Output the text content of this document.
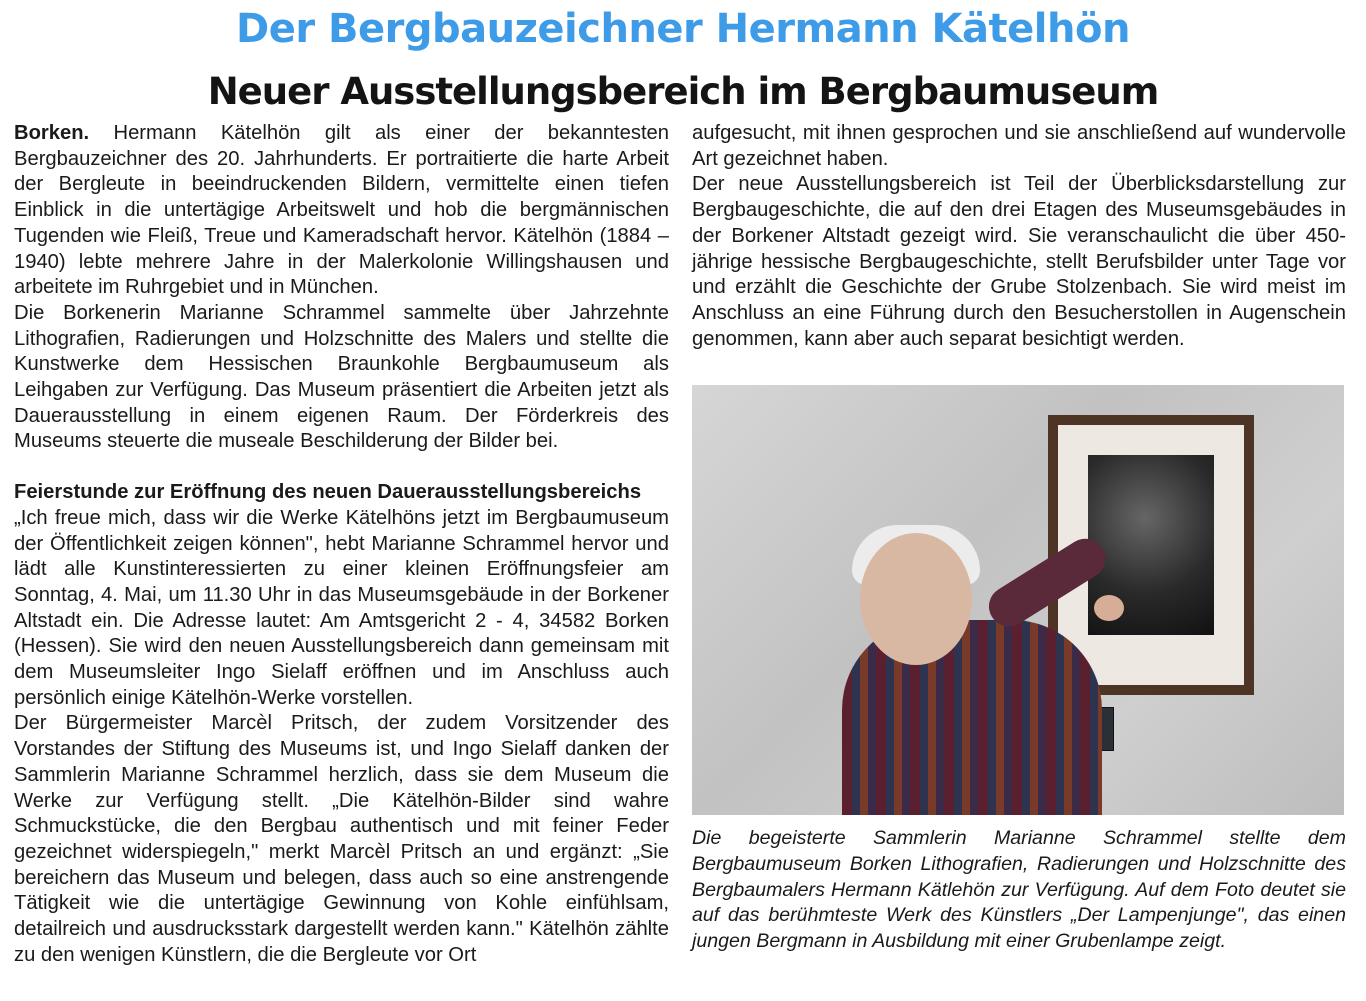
Der Bergbauzeichner Hermann Kätelhön
Neuer Ausstellungsbereich im Bergbaumuseum

Borken. Hermann Kätelhön gilt als einer der bekanntesten Bergbauzeichner des 20. Jahrhunderts. Er portraitierte die harte Arbeit der Bergleute in beeindruckenden Bildern, vermittelte einen tiefen Einblick in die untertägige Arbeitswelt und hob die bergmännischen Tugenden wie Fleiß, Treue und Kameradschaft hervor. Kätelhön (1884 – 1940) lebte mehrere Jahre in der Malerkolonie Willingshausen und arbeitete im Ruhrgebiet und in München.

Die Borkenerin Marianne Schrammel sammelte über Jahrzehnte Lithografien, Radierungen und Holzschnitte des Malers und stellte die Kunstwerke dem Hessischen Braunkohle Bergbaumuseum als Leihgaben zur Verfügung. Das Museum präsentiert die Arbeiten jetzt als Dauerausstellung in einem eigenen Raum. Der Förderkreis des Museums steuerte die museale Beschilderung der Bilder bei.

Feierstunde zur Eröffnung des neuen Dauerausstellungsbereichs

„Ich freue mich, dass wir die Werke Kätelhöns jetzt im Bergbaumuseum der Öffentlichkeit zeigen können", hebt Marianne Schrammel hervor und lädt alle Kunstinteressierten zu einer kleinen Eröffnungsfeier am Sonntag, 4. Mai, um 11.30 Uhr in das Museumsgebäude in der Borkener Altstadt ein. Die Adresse lautet: Am Amtsgericht 2 - 4, 34582 Borken (Hessen). Sie wird den neuen Ausstellungsbereich dann gemeinsam mit dem Museumsleiter Ingo Sielaff eröffnen und im Anschluss auch persönlich einige Kätelhön-Werke vorstellen.

Der Bürgermeister Marcèl Pritsch, der zudem Vorsitzender des Vorstandes der Stiftung des Museums ist, und Ingo Sielaff danken der Sammlerin Marianne Schrammel herzlich, dass sie dem Museum die Werke zur Verfügung stellt. „Die Kätelhön-Bilder sind wahre Schmuckstücke, die den Bergbau authentisch und mit feiner Feder gezeichnet widerspiegeln," merkt Marcèl Pritsch an und ergänzt: „Sie bereichern das Museum und belegen, dass auch so eine anstrengende Tätigkeit wie die untertägige Gewinnung von Kohle einfühlsam, detailreich und ausdrucksstark dargestellt werden kann." Kätelhön zählte zu den wenigen Künstlern, die die Bergleute vor Ort

aufgesucht, mit ihnen gesprochen und sie anschließend auf wundervolle Art gezeichnet haben.

Der neue Ausstellungsbereich ist Teil der Überblicksdarstellung zur Bergbaugeschichte, die auf den drei Etagen des Museumsgebäudes in der Borkener Altstadt gezeigt wird. Sie veranschaulicht die über 450-jährige hessische Bergbaugeschichte, stellt Berufsbilder unter Tage vor und erzählt die Geschichte der Grube Stolzenbach. Sie wird meist im Anschluss an eine Führung durch den Besucherstollen in Augenschein genommen, kann aber auch separat besichtigt werden.

Die begeisterte Sammlerin Marianne Schrammel stellte dem Bergbaumuseum Borken Lithografien, Radierungen und Holzschnitte des Bergbaumalers Hermann Kätlehön zur Verfügung. Auf dem Foto deutet sie auf das berühmteste Werk des Künstlers „Der Lampenjunge", das einen jungen Bergmann in Ausbildung mit einer Grubenlampe zeigt.
